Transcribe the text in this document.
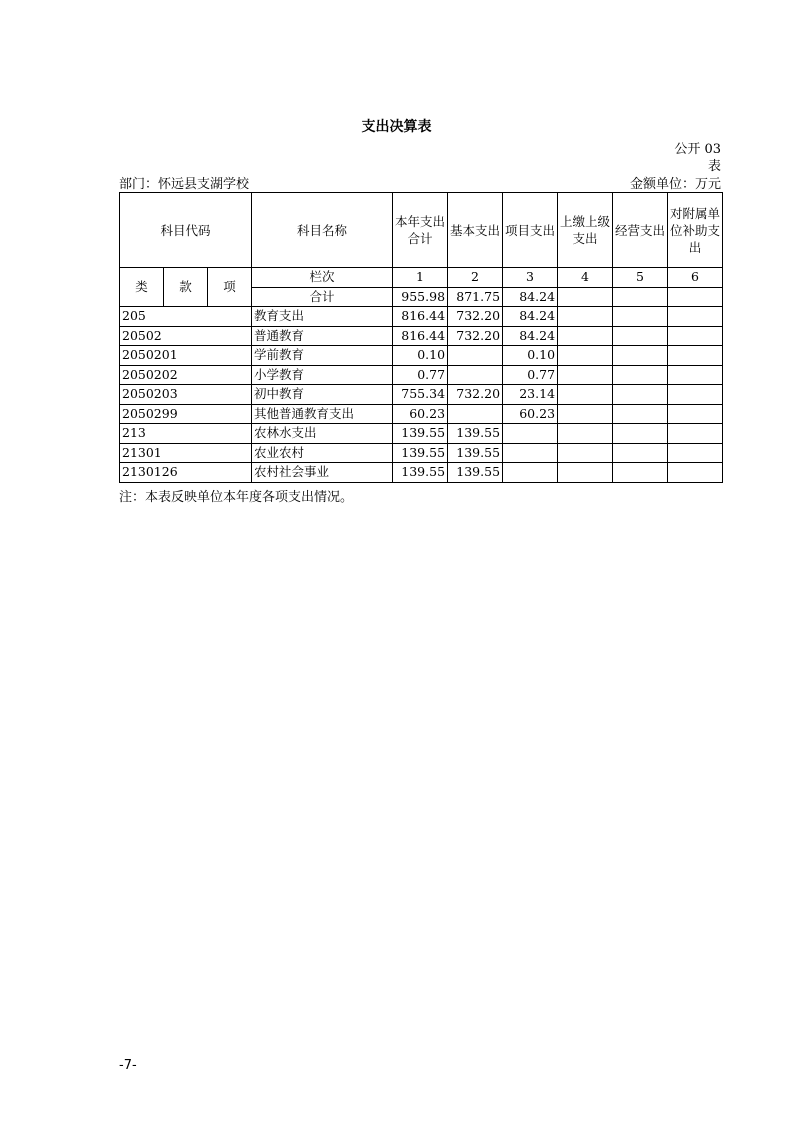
支出决算表
公开 03
表
部门：怀远县支湖学校	金额单位：万元
科目代码			科目名称	本年支出合计	基本支出	项目支出	上缴上级支出	经营支出	对附属单位补助支出
类	款	项	栏次	1	2	3	4	5	6
			合计	955.98	871.75	84.24			
205			教育支出	816.44	732.20	84.24			
20502			普通教育	816.44	732.20	84.24			
2050201			学前教育	0.10		0.10			
2050202			小学教育	0.77		0.77			
2050203			初中教育	755.34	732.20	23.14			
2050299			其他普通教育支出	60.23		60.23			
213			农林水支出	139.55	139.55				
21301			农业农村	139.55	139.55				
2130126			农村社会事业	139.55	139.55				
注：本表反映单位本年度各项支出情况。
-7-
